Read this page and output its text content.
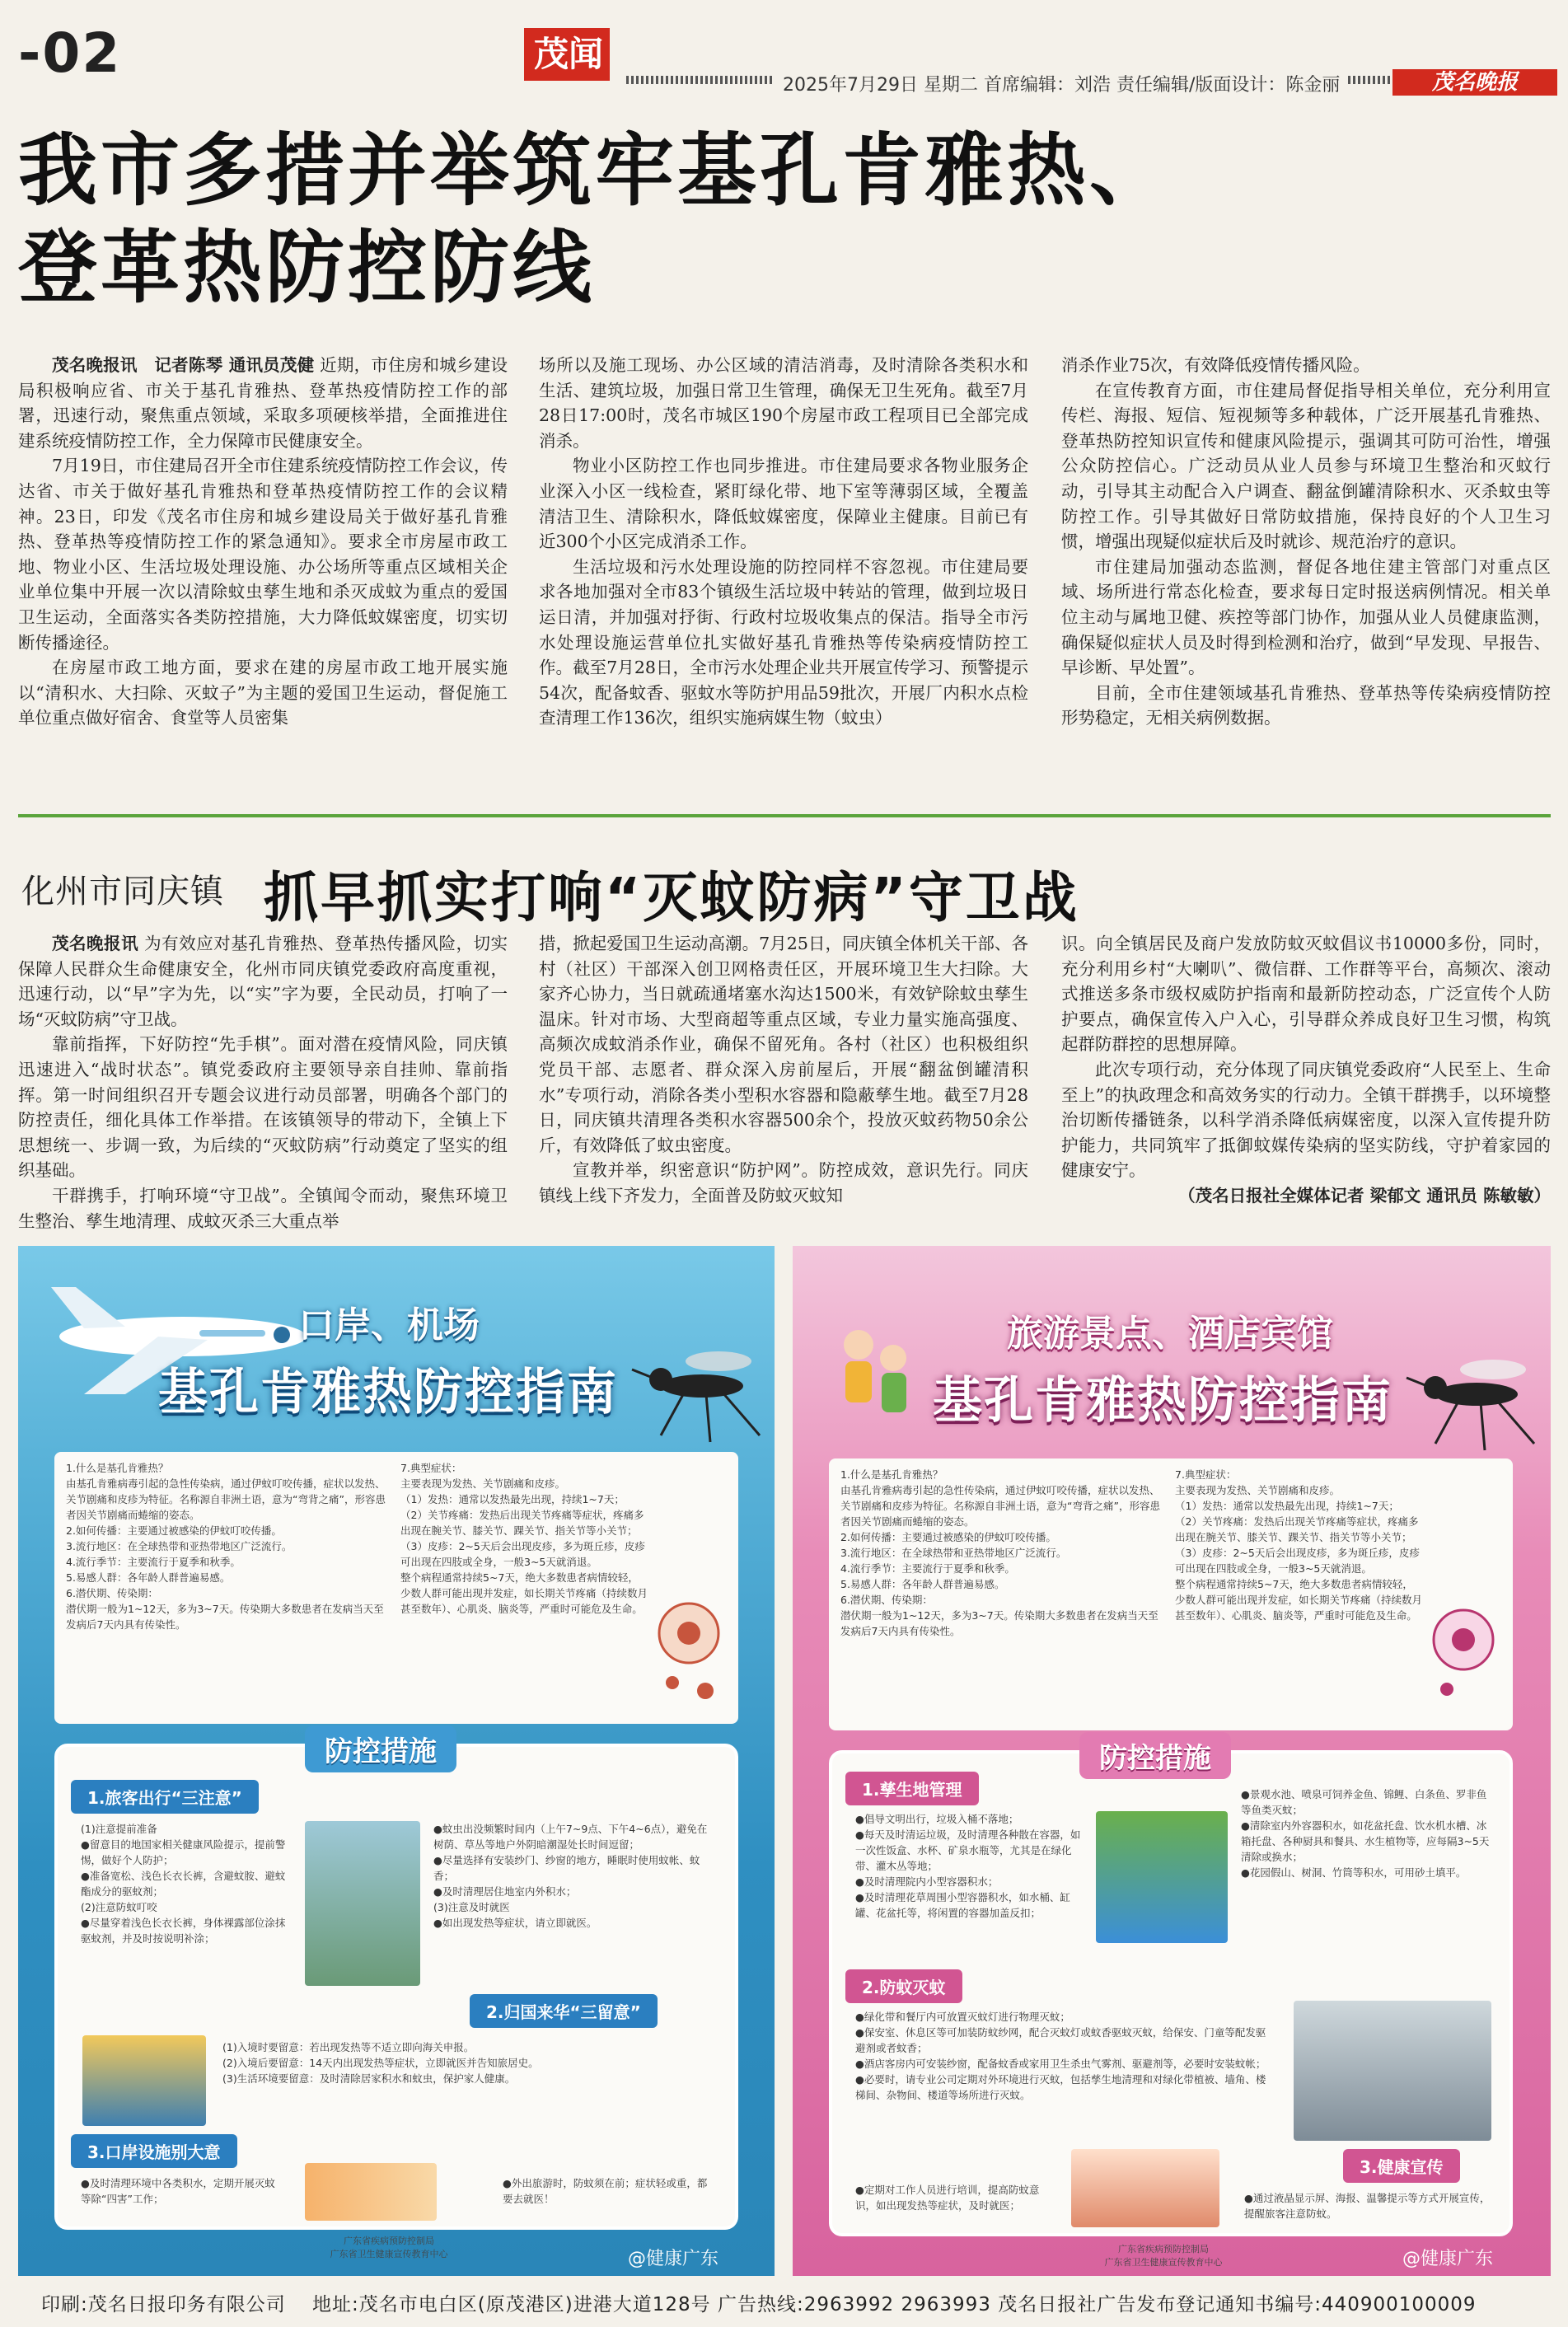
-02	茂闻
2025年7月29日 星期二 首席编辑：刘浩 责任编辑/版面设计：陈金丽	茂名晚报
我市多措并举筑牢基孔肯雅热、
登革热防控防线

茂名晚报讯　记者陈琴 通讯员茂健 近期，市住房和城乡建设局积极响应省、市关于基孔肯雅热、登革热疫情防控工作的部署，迅速行动，聚焦重点领域，采取多项硬核举措，全面推进住建系统疫情防控工作，全力保障市民健康安全。

7月19日，市住建局召开全市住建系统疫情防控工作会议，传达省、市关于做好基孔肯雅热和登革热疫情防控工作的会议精神。23日，印发《茂名市住房和城乡建设局关于做好基孔肯雅热、登革热等疫情防控工作的紧急通知》。要求全市房屋市政工地、物业小区、生活垃圾处理设施、办公场所等重点区域相关企业单位集中开展一次以清除蚊虫孳生地和杀灭成蚊为重点的爱国卫生运动，全面落实各类防控措施，大力降低蚊媒密度，切实切断传播途径。

在房屋市政工地方面，要求在建的房屋市政工地开展实施以“清积水、大扫除、灭蚊子”为主题的爱国卫生运动，督促施工单位重点做好宿舍、食堂等人员密集

场所以及施工现场、办公区域的清洁消毒，及时清除各类积水和生活、建筑垃圾，加强日常卫生管理，确保无卫生死角。截至7月28日17:00时，茂名市城区190个房屋市政工程项目已全部完成消杀。

物业小区防控工作也同步推进。市住建局要求各物业服务企业深入小区一线检查，紧盯绿化带、地下室等薄弱区域，全覆盖清洁卫生、清除积水，降低蚊媒密度，保障业主健康。目前已有近300个小区完成消杀工作。

生活垃圾和污水处理设施的防控同样不容忽视。市住建局要求各地加强对全市83个镇级生活垃圾中转站的管理，做到垃圾日运日清，并加强对抒街、行政村垃圾收集点的保洁。指导全市污水处理设施运营单位扎实做好基孔肯雅热等传染病疫情防控工作。截至7月28日，全市污水处理企业共开展宣传学习、预警提示54次，配备蚊香、驱蚊水等防护用品59批次，开展厂内积水点检查清理工作136次，组织实施病媒生物（蚊虫）

消杀作业75次，有效降低疫情传播风险。

在宣传教育方面，市住建局督促指导相关单位，充分利用宣传栏、海报、短信、短视频等多种载体，广泛开展基孔肯雅热、登革热防控知识宣传和健康风险提示，强调其可防可治性，增强公众防控信心。广泛动员从业人员参与环境卫生整治和灭蚊行动，引导其主动配合入户调查、翻盆倒罐清除积水、灭杀蚊虫等防控工作。引导其做好日常防蚊措施，保持良好的个人卫生习惯，增强出现疑似症状后及时就诊、规范治疗的意识。

市住建局加强动态监测，督促各地住建主管部门对重点区域、场所进行常态化检查，要求每日定时报送病例情况。相关单位主动与属地卫健、疾控等部门协作，加强从业人员健康监测，确保疑似症状人员及时得到检测和治疗，做到“早发现、早报告、早诊断、早处置”。

目前，全市住建领域基孔肯雅热、登革热等传染病疫情防控形势稳定，无相关病例数据。

化州市同庆镇 抓早抓实打响“灭蚊防病”守卫战

茂名晚报讯 为有效应对基孔肯雅热、登革热传播风险，切实保障人民群众生命健康安全，化州市同庆镇党委政府高度重视，迅速行动，以“早”字为先，以“实”字为要，全民动员，打响了一场“灭蚊防病”守卫战。

靠前指挥，下好防控“先手棋”。面对潜在疫情风险，同庆镇迅速进入“战时状态”。镇党委政府主要领导亲自挂帅、靠前指挥。第一时间组织召开专题会议进行动员部署，明确各个部门的防控责任，细化具体工作举措。在该镇领导的带动下，全镇上下思想统一、步调一致，为后续的“灭蚊防病”行动奠定了坚实的组织基础。

干群携手，打响环境“守卫战”。全镇闻令而动，聚焦环境卫生整治、孳生地清理、成蚊灭杀三大重点举

措，掀起爱国卫生运动高潮。7月25日，同庆镇全体机关干部、各村（社区）干部深入创卫网格责任区，开展环境卫生大扫除。大家齐心协力，当日就疏通堵塞水沟达1500米，有效铲除蚊虫孳生温床。针对市场、大型商超等重点区域，专业力量实施高强度、高频次成蚊消杀作业，确保不留死角。各村（社区）也积极组织党员干部、志愿者、群众深入房前屋后，开展“翻盆倒罐清积水”专项行动，消除各类小型积水容器和隐蔽孳生地。截至7月28日，同庆镇共清理各类积水容器500余个，投放灭蚊药物50余公斤，有效降低了蚊虫密度。

宣教并举，织密意识“防护网”。防控成效，意识先行。同庆镇线上线下齐发力，全面普及防蚊灭蚊知

识。向全镇居民及商户发放防蚊灭蚊倡议书10000多份，同时，充分利用乡村“大喇叭”、微信群、工作群等平台，高频次、滚动式推送多条市级权威防护指南和最新防控动态，广泛宣传个人防护要点，确保宣传入户入心，引导群众养成良好卫生习惯，构筑起群防群控的思想屏障。

此次专项行动，充分体现了同庆镇党委政府“人民至上、生命至上”的执政理念和高效务实的行动力。全镇干群携手，以环境整治切断传播链条，以科学消杀降低病媒密度，以深入宣传提升防护能力，共同筑牢了抵御蚊媒传染病的坚实防线，守护着家园的健康安宁。

（茂名日报社全媒体记者 梁郁文 通讯员 陈敏敏）

口岸、机场
基孔肯雅热防控指南
1.什么是基孔肯雅热？
由基孔肯雅病毒引起的急性传染病，通过伊蚊叮咬传播，症状以发热、关节剧痛和皮疹为特征。名称源自非洲土语，意为“弯背之痛”，形容患者因关节剧痛而蜷缩的姿态。
2.如何传播：主要通过被感染的伊蚊叮咬传播。
3.流行地区：在全球热带和亚热带地区广泛流行。
4.流行季节：主要流行于夏季和秋季。
5.易感人群：各年龄人群普遍易感。
6.潜伏期、传染期：
潜伏期一般为1~12天，多为3~7天。传染期大多数患者在发病当天至发病后7天内具有传染性。
7.典型症状：
主要表现为发热、关节剧痛和皮疹。
（1）发热：通常以发热最先出现，持续1~7天；
（2）关节疼痛：发热后出现关节疼痛等症状，疼痛多出现在腕关节、膝关节、踝关节、指关节等小关节；
（3）皮疹：2~5天后会出现皮疹，多为斑丘疹，皮疹可出现在四肢或全身，一般3~5天就消退。
整个病程通常持续5~7天，绝大多数患者病情较轻，少数人群可能出现并发症，如长期关节疼痛（持续数月甚至数年）、心肌炎、脑炎等，严重时可能危及生命。
防控措施
1.旅客出行“三注意”
(1)注意提前准备
●留意目的地国家相关健康风险提示，提前警惕，做好个人防护；
●准备宽松、浅色长衣长裤，含避蚊胺、避蚊酯成分的驱蚊剂；
(2)注意防蚊叮咬
●尽量穿着浅色长衣长裤，身体裸露部位涂抹驱蚊剂，并及时按说明补涂；
●蚊虫出没频繁时间内（上午7~9点、下午4~6点），避免在树荫、草丛等地户外阴暗潮湿处长时间逗留；
●尽量选择有安装纱门、纱窗的地方，睡眠时使用蚊帐、蚊香；
●及时清理居住地室内外积水；
(3)注意及时就医
●如出现发热等症状，请立即就医。
2.归国来华“三留意”
(1)入境时要留意：若出现发热等不适立即向海关申报。
(2)入境后要留意：14天内出现发热等症状，立即就医并告知旅居史。
(3)生活环境要留意：及时清除居家积水和蚊虫，保护家人健康。
3.口岸设施别大意
●及时清理环境中各类积水，定期开展灭蚊等除“四害”工作；
●外出旅游时，防蚊须在前；症状轻或重，都要去就医！
广东省疾病预防控制局
广东省卫生健康宣传教育中心	@健康广东
旅游景点、酒店宾馆
基孔肯雅热防控指南
1.什么是基孔肯雅热？
由基孔肯雅病毒引起的急性传染病，通过伊蚊叮咬传播，症状以发热、关节剧痛和皮疹为特征。名称源自非洲土语，意为“弯背之痛”，形容患者因关节剧痛而蜷缩的姿态。
2.如何传播：主要通过被感染的伊蚊叮咬传播。
3.流行地区：在全球热带和亚热带地区广泛流行。
4.流行季节：主要流行于夏季和秋季。
5.易感人群：各年龄人群普遍易感。
6.潜伏期、传染期：
潜伏期一般为1~12天，多为3~7天。传染期大多数患者在发病当天至发病后7天内具有传染性。
7.典型症状：
主要表现为发热、关节剧痛和皮疹。
（1）发热：通常以发热最先出现，持续1~7天；
（2）关节疼痛：发热后出现关节疼痛等症状，疼痛多出现在腕关节、膝关节、踝关节、指关节等小关节；
（3）皮疹：2~5天后会出现皮疹，多为斑丘疹，皮疹可出现在四肢或全身，一般3~5天就消退。
整个病程通常持续5~7天，绝大多数患者病情较轻，少数人群可能出现并发症，如长期关节疼痛（持续数月甚至数年）、心肌炎、脑炎等，严重时可能危及生命。
防控措施
1.孳生地管理
●倡导文明出行，垃圾入桶不落地；
●每天及时清运垃圾，及时清理各种散在容器，如一次性饭盒、水杯、矿泉水瓶等，尤其是在绿化带、灌木丛等地；
●及时清理院内小型容器积水；
●及时清理花草周围小型容器积水，如水桶、缸罐、花盆托等，将闲置的容器加盖反扣；
●景观水池、喷泉可饲养金鱼、锦鲤、白条鱼、罗非鱼等鱼类灭蚊；
●清除室内外容器积水，如花盆托盘、饮水机水槽、冰箱托盘、各种厨具和餐具、水生植物等，应每隔3~5天清除或换水；
●花园假山、树洞、竹筒等积水，可用砂土填平。
2.防蚊灭蚊
●绿化带和餐厅内可放置灭蚊灯进行物理灭蚊；
●保安室、休息区等可加装防蚊纱网，配合灭蚊灯或蚊香驱蚊灭蚊，给保安、门童等配发驱避剂或者蚊香；
●酒店客房内可安装纱窗，配备蚊香或家用卫生杀虫气雾剂、驱避剂等，必要时安装蚊帐；
●必要时，请专业公司定期对外环境进行灭蚊，包括孳生地清理和对绿化带植被、墙角、楼梯间、杂物间、楼道等场所进行灭蚊。
3.健康宣传
●定期对工作人员进行培训，提高防蚊意识，如出现发热等症状，及时就医；
●通过液晶显示屏、海报、温馨提示等方式开展宣传，提醒旅客注意防蚊。
广东省疾病预防控制局
广东省卫生健康宣传教育中心	@健康广东
印刷:茂名日报印务有限公司　 地址:茂名市电白区(原茂港区)进港大道128号 广告热线:2963992 2963993 茂名日报社广告发布登记通知书编号:440900100009
